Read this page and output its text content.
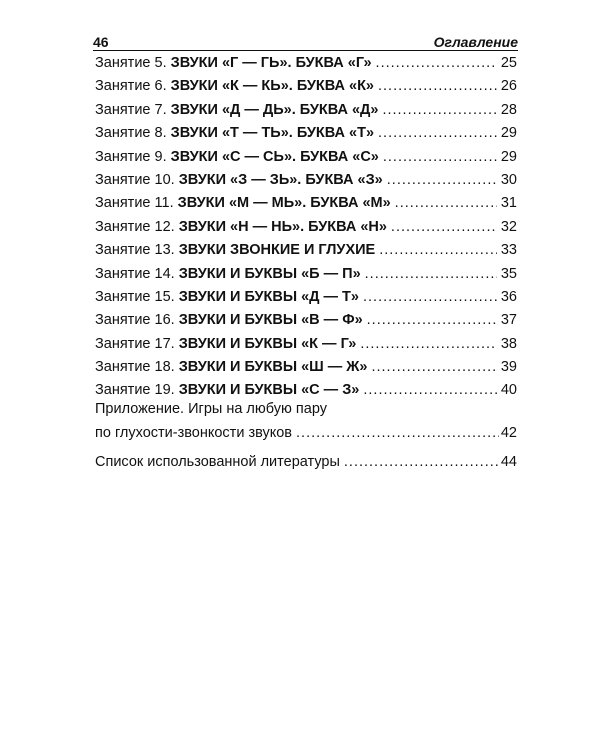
46	Оглавление
Занятие 5. ЗВУКИ «Г — ГЬ». БУКВА «Г» .....	25
Занятие 6. ЗВУКИ «К — КЬ». БУКВА «К» .....	26
Занятие 7. ЗВУКИ «Д — ДЬ». БУКВА «Д» .....	28
Занятие 8. ЗВУКИ «Т — ТЬ». БУКВА «Т» .....	29
Занятие 9. ЗВУКИ «С — СЬ». БУКВА «С» .....	29
Занятие 10. ЗВУКИ «З — ЗЬ». БУКВА «З» .....	30
Занятие 11. ЗВУКИ «М — МЬ». БУКВА «М» .....	31
Занятие 12. ЗВУКИ «Н — НЬ». БУКВА «Н» .....	32
Занятие 13. ЗВУКИ ЗВОНКИЕ И ГЛУХИЕ .....	33
Занятие 14. ЗВУКИ И БУКВЫ «Б — П» .....	35
Занятие 15. ЗВУКИ И БУКВЫ «Д — Т» .....	36
Занятие 16. ЗВУКИ И БУКВЫ «В — Ф» .....	37
Занятие 17. ЗВУКИ И БУКВЫ «К — Г» .....	38
Занятие 18. ЗВУКИ И БУКВЫ «Ш — Ж» .....	39
Занятие 19. ЗВУКИ И БУКВЫ «С — З» .....	40
Приложение. Игры на любую пару
по глухости-звонкости звуков .....	42
Список использованной литературы .....	44
